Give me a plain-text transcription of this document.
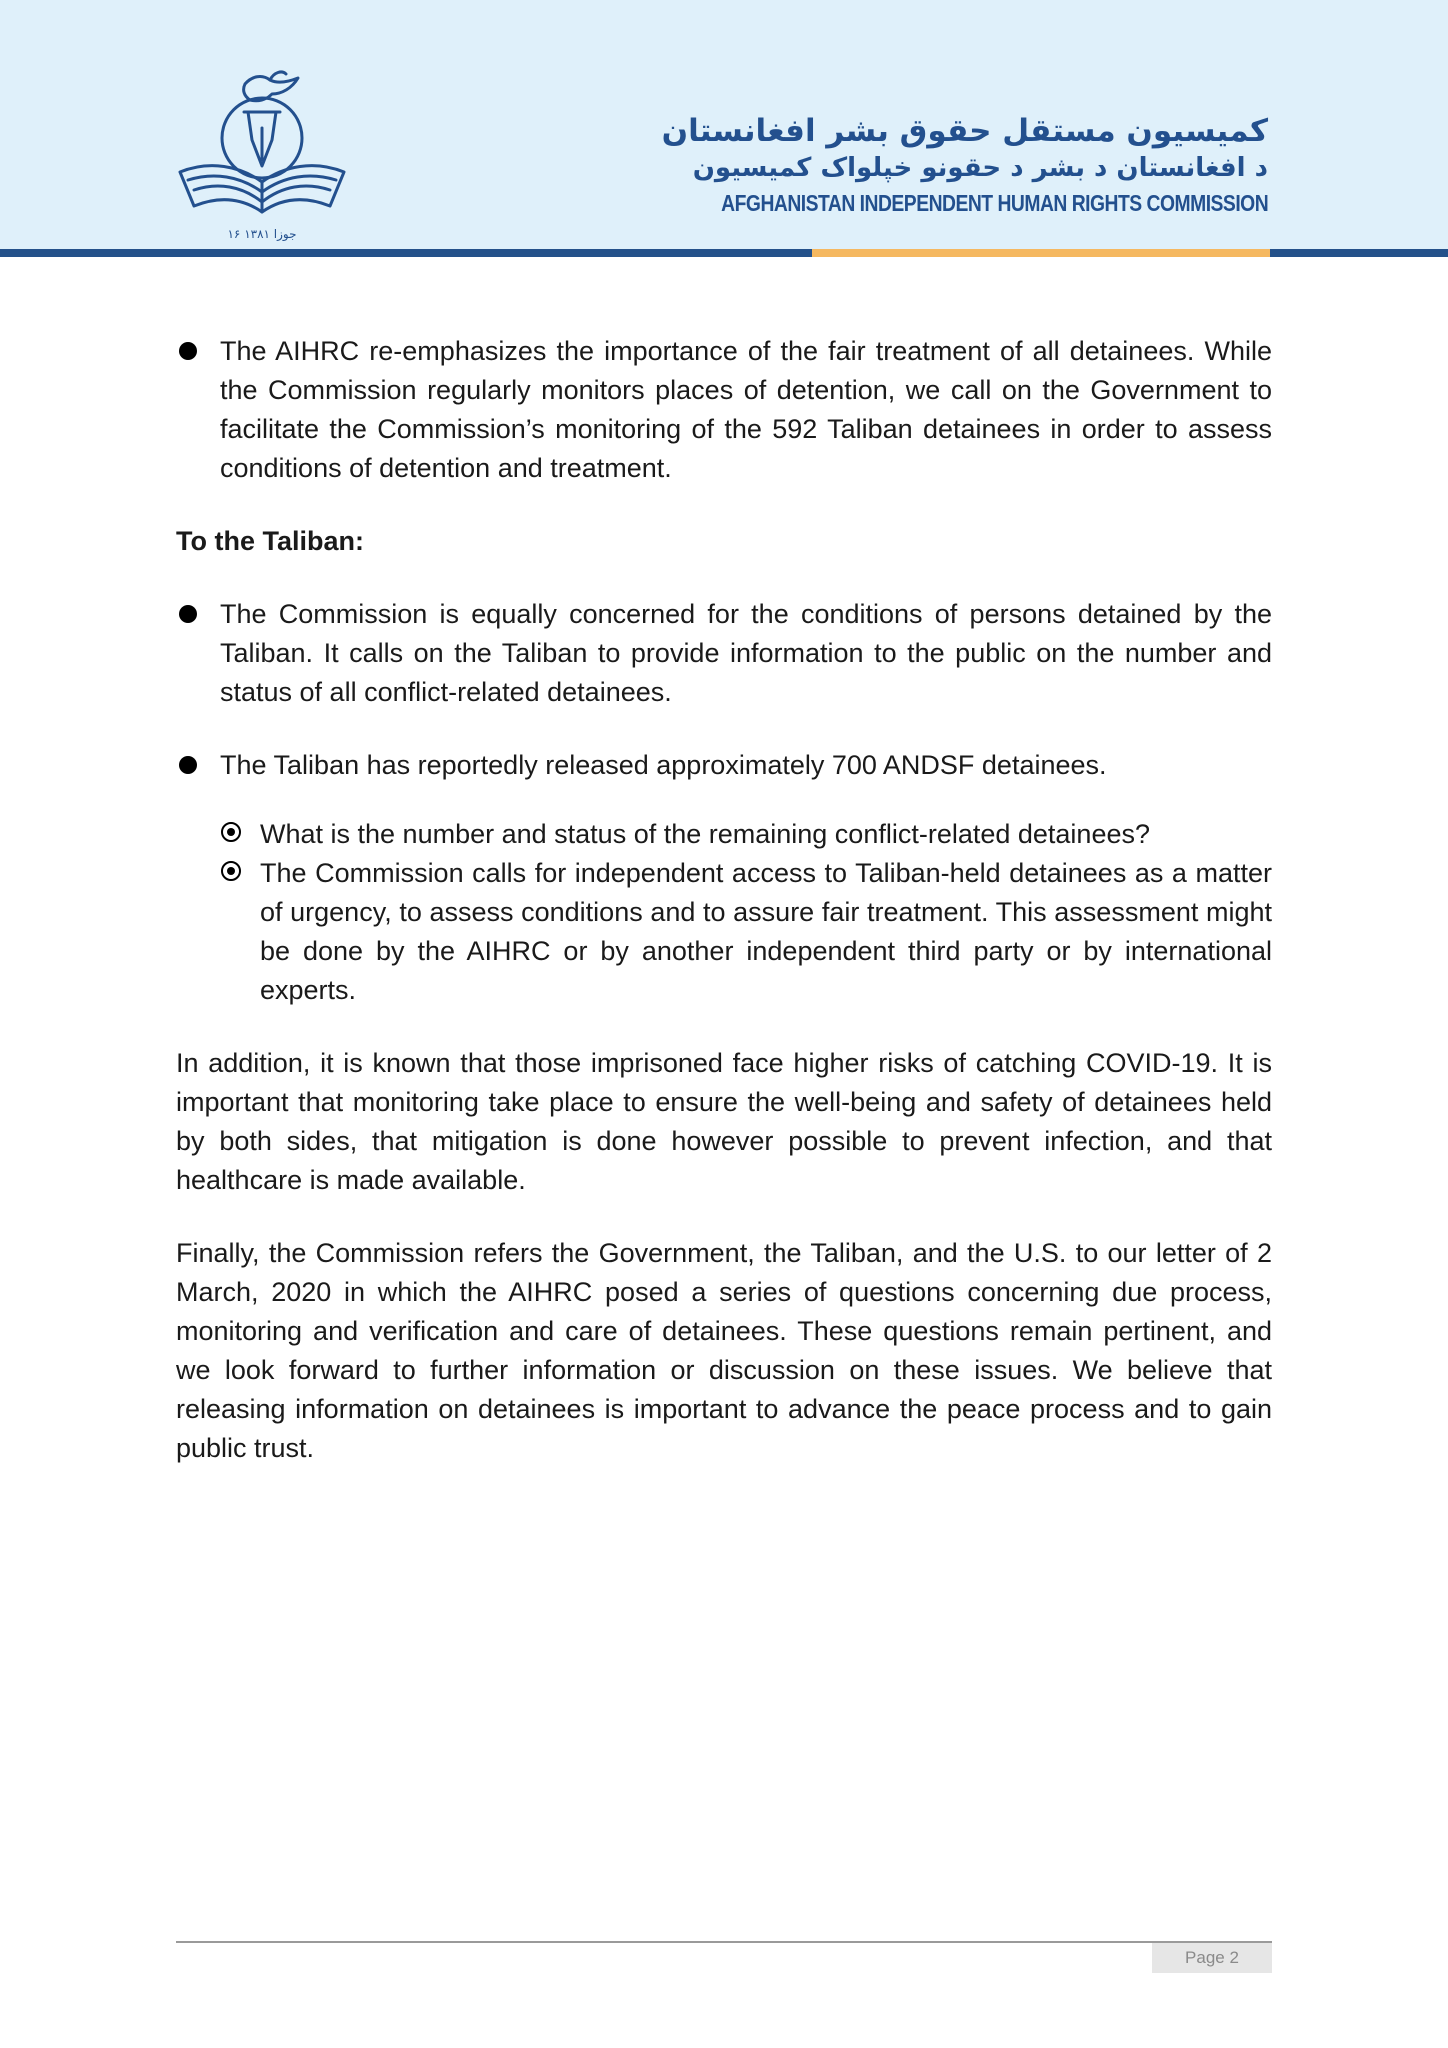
۱۶ جوزا ۱۳۸۱
کمیسیون مستقل حقوق بشر افغانستان
د افغانستان د بشر د حقونو خپلواک کمیسیون
AFGHANISTAN INDEPENDENT HUMAN RIGHTS COMMISSION
The AIHRC re-emphasizes the importance of the fair treatment of all detainees. While the Commission regularly monitors places of detention, we call on the Government to facilitate the Commission’s monitoring of the 592 Taliban detainees in order to assess conditions of detention and treatment.
To the Taliban:
The Commission is equally concerned for the conditions of persons detained by the Taliban. It calls on the Taliban to provide information to the public on the number and status of all conflict-related detainees.
The Taliban has reportedly released approximately 700 ANDSF detainees.
What is the number and status of the remaining conflict-related detainees?
The Commission calls for independent access to Taliban-held detainees as a matter of urgency, to assess conditions and to assure fair treatment. This assessment might be done by the AIHRC or by another independent third party or by international experts.

In addition, it is known that those imprisoned face higher risks of catching COVID-19. It is important that monitoring take place to ensure the well-being and safety of detainees held by both sides, that mitigation is done however possible to prevent infection, and that healthcare is made available.

Finally, the Commission refers the Government, the Taliban, and the U.S. to our letter of 2 March, 2020 in which the AIHRC posed a series of questions concerning due process, monitoring and verification and care of detainees. These questions remain pertinent, and we look forward to further information or discussion on these issues. We believe that releasing information on detainees is important to advance the peace process and to gain public trust.

Page 2
